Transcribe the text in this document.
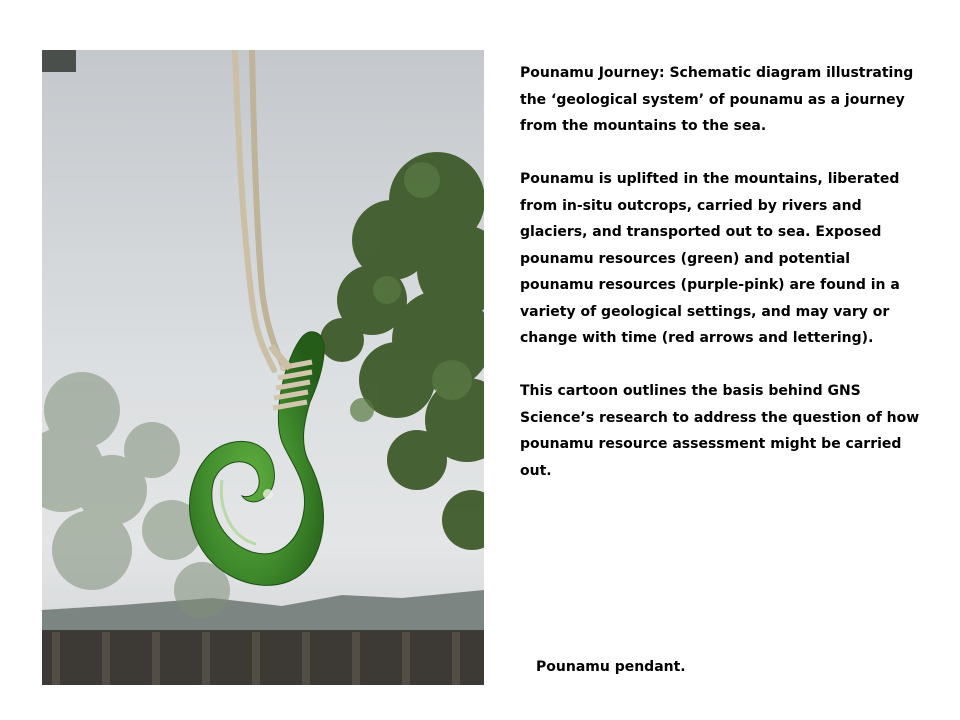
Pounamu Journey: Schematic diagram illustrating the ‘geological system’ of pounamu as a journey from the mountains to the sea.

Pounamu is uplifted in the mountains, liberated from in-situ outcrops, carried by rivers and glaciers, and transported out to sea. Exposed pounamu resources (green) and potential pounamu resources (purple-pink) are found in a variety of geological settings, and may vary or change with time (red arrows and lettering).

This cartoon outlines the basis behind GNS Science’s research to address the question of how pounamu resource assessment might be carried out.

Pounamu pendant.
